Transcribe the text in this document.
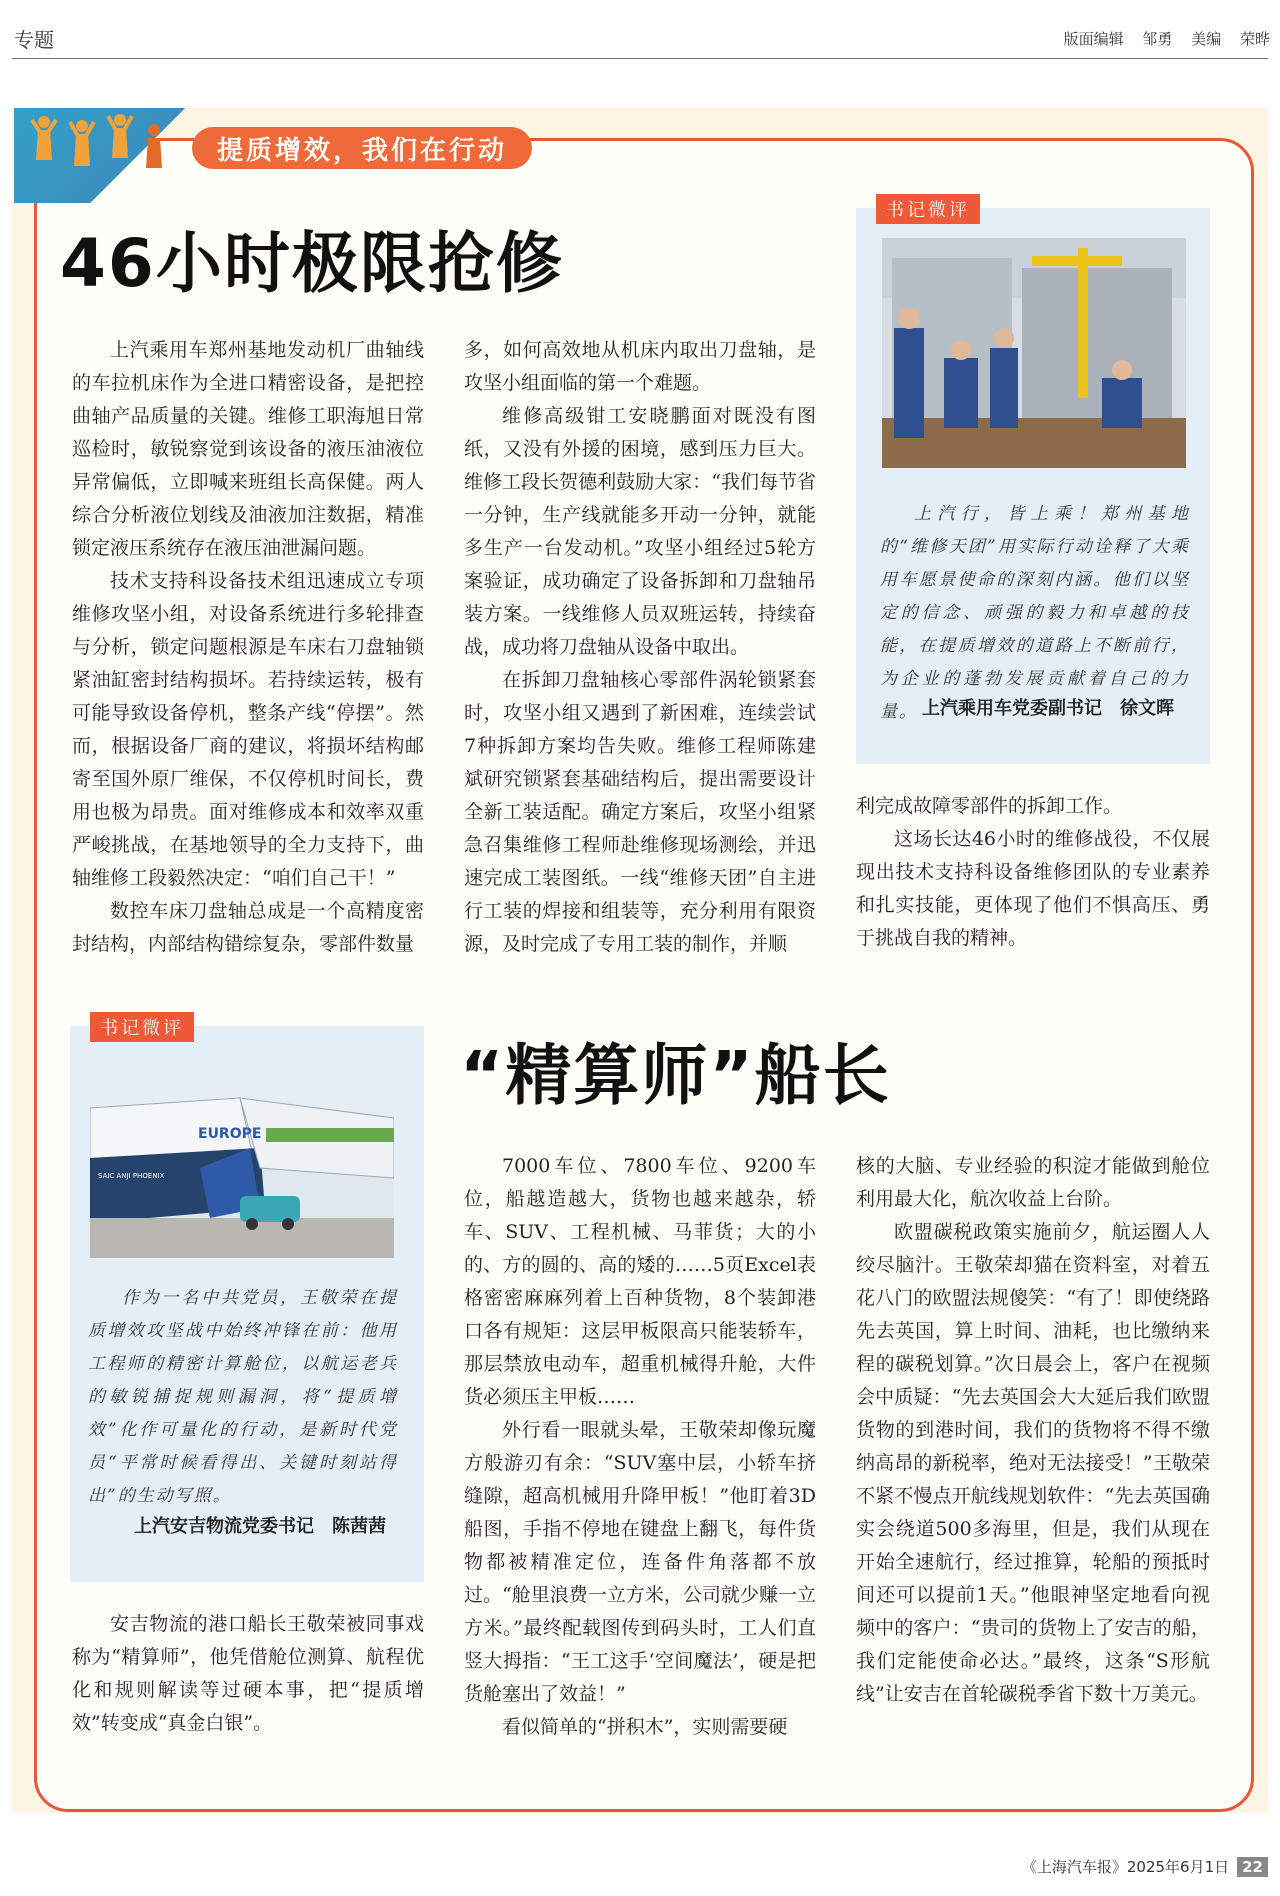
专题	版面编辑 邹勇 美编 荣晔
提质增效，我们在行动
46小时极限抢修

上汽乘用车郑州基地发动机厂曲轴线的车拉机床作为全进口精密设备，是把控曲轴产品质量的关键。维修工职海旭日常巡检时，敏锐察觉到该设备的液压油液位异常偏低，立即喊来班组长高保健。两人综合分析液位划线及油液加注数据，精准锁定液压系统存在液压油泄漏问题。

技术支持科设备技术组迅速成立专项维修攻坚小组，对设备系统进行多轮排查与分析，锁定问题根源是车床右刀盘轴锁紧油缸密封结构损坏。若持续运转，极有可能导致设备停机，整条产线“停摆”。然而，根据设备厂商的建议，将损坏结构邮寄至国外原厂维保，不仅停机时间长，费用也极为昂贵。面对维修成本和效率双重严峻挑战，在基地领导的全力支持下，曲轴维修工段毅然决定：“咱们自己干！”

数控车床刀盘轴总成是一个高精度密封结构，内部结构错综复杂，零部件数量

多，如何高效地从机床内取出刀盘轴，是攻坚小组面临的第一个难题。

维修高级钳工安晓鹏面对既没有图纸，又没有外援的困境，感到压力巨大。维修工段长贺德利鼓励大家：“我们每节省一分钟，生产线就能多开动一分钟，就能多生产一台发动机。”攻坚小组经过5轮方案验证，成功确定了设备拆卸和刀盘轴吊装方案。一线维修人员双班运转，持续奋战，成功将刀盘轴从设备中取出。

在拆卸刀盘轴核心零部件涡轮锁紧套时，攻坚小组又遇到了新困难，连续尝试7种拆卸方案均告失败。维修工程师陈建斌研究锁紧套基础结构后，提出需要设计全新工装适配。确定方案后，攻坚小组紧急召集维修工程师赴维修现场测绘，并迅速完成工装图纸。一线“维修天团”自主进行工装的焊接和组装等，充分利用有限资源，及时完成了专用工装的制作，并顺

书记微评

上汽行，皆上乘！郑州基地的“维修天团”用实际行动诠释了大乘用车愿景使命的深刻内涵。他们以坚定的信念、顽强的毅力和卓越的技能，在提质增效的道路上不断前行，为企业的蓬勃发展贡献着自己的力量。 上汽乘用车党委副书记　徐文晖

利完成故障零部件的拆卸工作。

这场长达46小时的维修战役，不仅展现出技术支持科设备维修团队的专业素养和扎实技能，更体现了他们不惧高压、勇于挑战自我的精神。

“精算师”船长
书记微评
EUROPE
SAIC ANJI PHOENIX

作为一名中共党员，王敬荣在提质增效攻坚战中始终冲锋在前：他用工程师的精密计算舱位，以航运老兵的敏锐捕捉规则漏洞，将“提质增效”化作可量化的行动，是新时代党员“平常时候看得出、关键时刻站得出”的生动写照。

上汽安吉物流党委书记　陈茜茜

安吉物流的港口船长王敬荣被同事戏称为“精算师”，他凭借舱位测算、航程优化和规则解读等过硬本事，把“提质增效”转变成“真金白银”。

7000车位、7800车位、9200车位，船越造越大，货物也越来越杂，轿车、SUV、工程机械、马菲货；大的小的、方的圆的、高的矮的……5页Excel表格密密麻麻列着上百种货物，8个装卸港口各有规矩：这层甲板限高只能装轿车，那层禁放电动车，超重机械得升舱，大件货必须压主甲板……

外行看一眼就头晕，王敬荣却像玩魔方般游刃有余：“SUV塞中层，小轿车挤缝隙，超高机械用升降甲板！”他盯着3D船图，手指不停地在键盘上翻飞，每件货物都被精准定位，连备件角落都不放过。“舱里浪费一立方米，公司就少赚一立方米。”最终配载图传到码头时，工人们直竖大拇指：“王工这手‘空间魔法’，硬是把货舱塞出了效益！”

看似简单的“拼积木”，实则需要硬

核的大脑、专业经验的积淀才能做到舱位利用最大化，航次收益上台阶。

欧盟碳税政策实施前夕，航运圈人人绞尽脑汁。王敬荣却猫在资料室，对着五花八门的欧盟法规傻笑：“有了！即使绕路先去英国，算上时间、油耗，也比缴纳来程的碳税划算。”次日晨会上，客户在视频会中质疑：“先去英国会大大延后我们欧盟货物的到港时间，我们的货物将不得不缴纳高昂的新税率，绝对无法接受！”王敬荣不紧不慢点开航线规划软件：“先去英国确实会绕道500多海里，但是，我们从现在开始全速航行，经过推算，轮船的预抵时间还可以提前1天。”他眼神坚定地看向视频中的客户：“贵司的货物上了安吉的船，我们定能使命必达。”最终，这条“S形航线”让安吉在首轮碳税季省下数十万美元。

《上海汽车报》2025年6月1日 22
